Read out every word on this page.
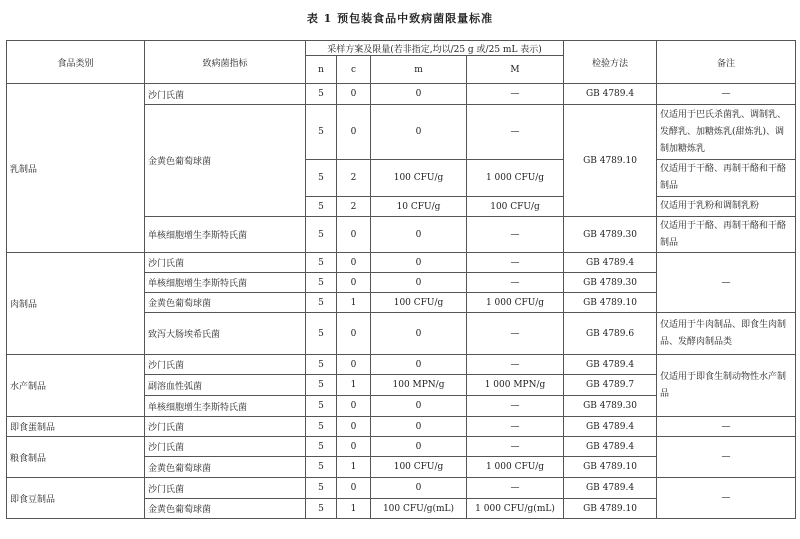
表 1 预包装食品中致病菌限量标准
食品类别	致病菌指标	采样方案及限量(若非指定,均以/25 g 或/25 mL 表示)				检验方法	备注
		n	c	m	M		
乳制品	沙门氏菌	5	0	0	—	GB 4789.4	—
	金黄色葡萄球菌	5	0	0	—	GB 4789.10	仅适用于巴氏杀菌乳、调制乳、发酵乳、加糖炼乳(甜炼乳)、调制加糖炼乳
		5	2	100 CFU/g	1 000 CFU/g		仅适用于干酪、再制干酪和干酪制品
		5	2	10 CFU/g	100 CFU/g		仅适用于乳粉和调制乳粉
	单核细胞增生李斯特氏菌	5	0	0	—	GB 4789.30	仅适用于干酪、再制干酪和干酪制品
肉制品	沙门氏菌	5	0	0	—	GB 4789.4	—
	单核细胞增生李斯特氏菌	5	0	0	—	GB 4789.30	
	金黄色葡萄球菌	5	1	100 CFU/g	1 000 CFU/g	GB 4789.10	
	致泻大肠埃希氏菌	5	0	0	—	GB 4789.6	仅适用于牛肉制品、即食生肉制品、发酵肉制品类
水产制品	沙门氏菌	5	0	0	—	GB 4789.4	仅适用于即食生制动物性水产制品
	副溶血性弧菌	5	1	100 MPN/g	1 000 MPN/g	GB 4789.7	
	单核细胞增生李斯特氏菌	5	0	0	—	GB 4789.30	
即食蛋制品	沙门氏菌	5	0	0	—	GB 4789.4	—
粮食制品	沙门氏菌	5	0	0	—	GB 4789.4	—
	金黄色葡萄球菌	5	1	100 CFU/g	1 000 CFU/g	GB 4789.10	
即食豆制品	沙门氏菌	5	0	0	—	GB 4789.4	—
	金黄色葡萄球菌	5	1	100 CFU/g(mL)	1 000 CFU/g(mL)	GB 4789.10	
